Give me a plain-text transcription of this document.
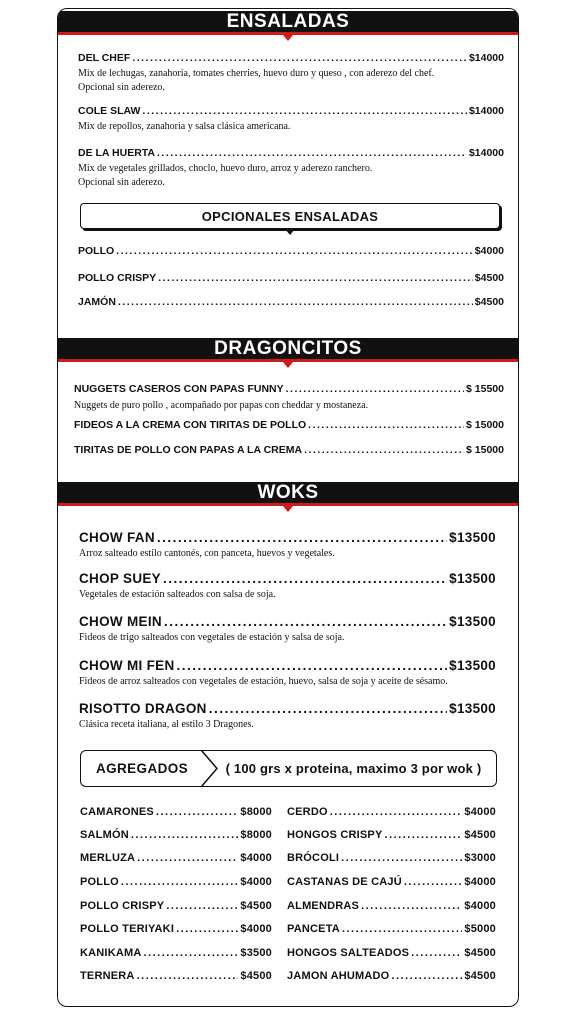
ENSALADAS
DEL CHEF .....	$14000
Mix de lechugas, zanahoria, tomates cherries, huevo duro y queso , con aderezo del chef.
Opcional sin aderezo.
COLE SLAW .....	$14000
Mix de repollos, zanahoria y salsa clásica americana.
DE LA HUERTA .....	$14000
Mix de vegetales grillados, choclo, huevo duro, arroz y aderezo ranchero.
Opcional sin aderezo.
OPCIONALES ENSALADAS
POLLO .....	$4000
POLLO CRISPY .....	$4500
JAMÓN .....	$4500
DRAGONCITOS
NUGGETS CASEROS CON PAPAS FUNNY .....	$ 15500
Nuggets de puro pollo , acompañado por papas con cheddar y mostaneza.
FIDEOS A LA CREMA CON TIRITAS DE POLLO .....	$ 15000
TIRITAS DE POLLO CON PAPAS A LA CREMA .....	$ 15000
WOKS
CHOW FAN .....	$13500
Arroz salteado estilo cantonés, con panceta, huevos y vegetales.
CHOP SUEY .....	$13500
Vegetales de estación salteados con salsa de soja.
CHOW MEIN .....	$13500
Fideos de trigo salteados con vegetales de estación y salsa de soja.
CHOW MI FEN .....	$13500
Fideos de arroz salteados con vegetales de estación, huevo, salsa de soja y aceite de sésamo.
RISOTTO DRAGON .....	$13500
Clásica receta italiana, al estilo 3 Dragones.
AGREGADOS	( 100 grs x proteina, maximo 3 por wok )
CAMARONES .....	$8000
SALMÓN .....	$8000
MERLUZA .....	$4000
POLLO .....	$4000
POLLO CRISPY .....	$4500
POLLO TERIYAKI .....	$4000
KANIKAMA .....	$3500
TERNERA .....	$4500
CERDO .....	$4000
HONGOS CRISPY .....	$4500
BRÓCOLI .....	$3000
CASTANAS DE CAJÚ .....	$4000
ALMENDRAS .....	$4000
PANCETA .....	$5000
HONGOS SALTEADOS .....	$4500
JAMON AHUMADO .....	$4500
